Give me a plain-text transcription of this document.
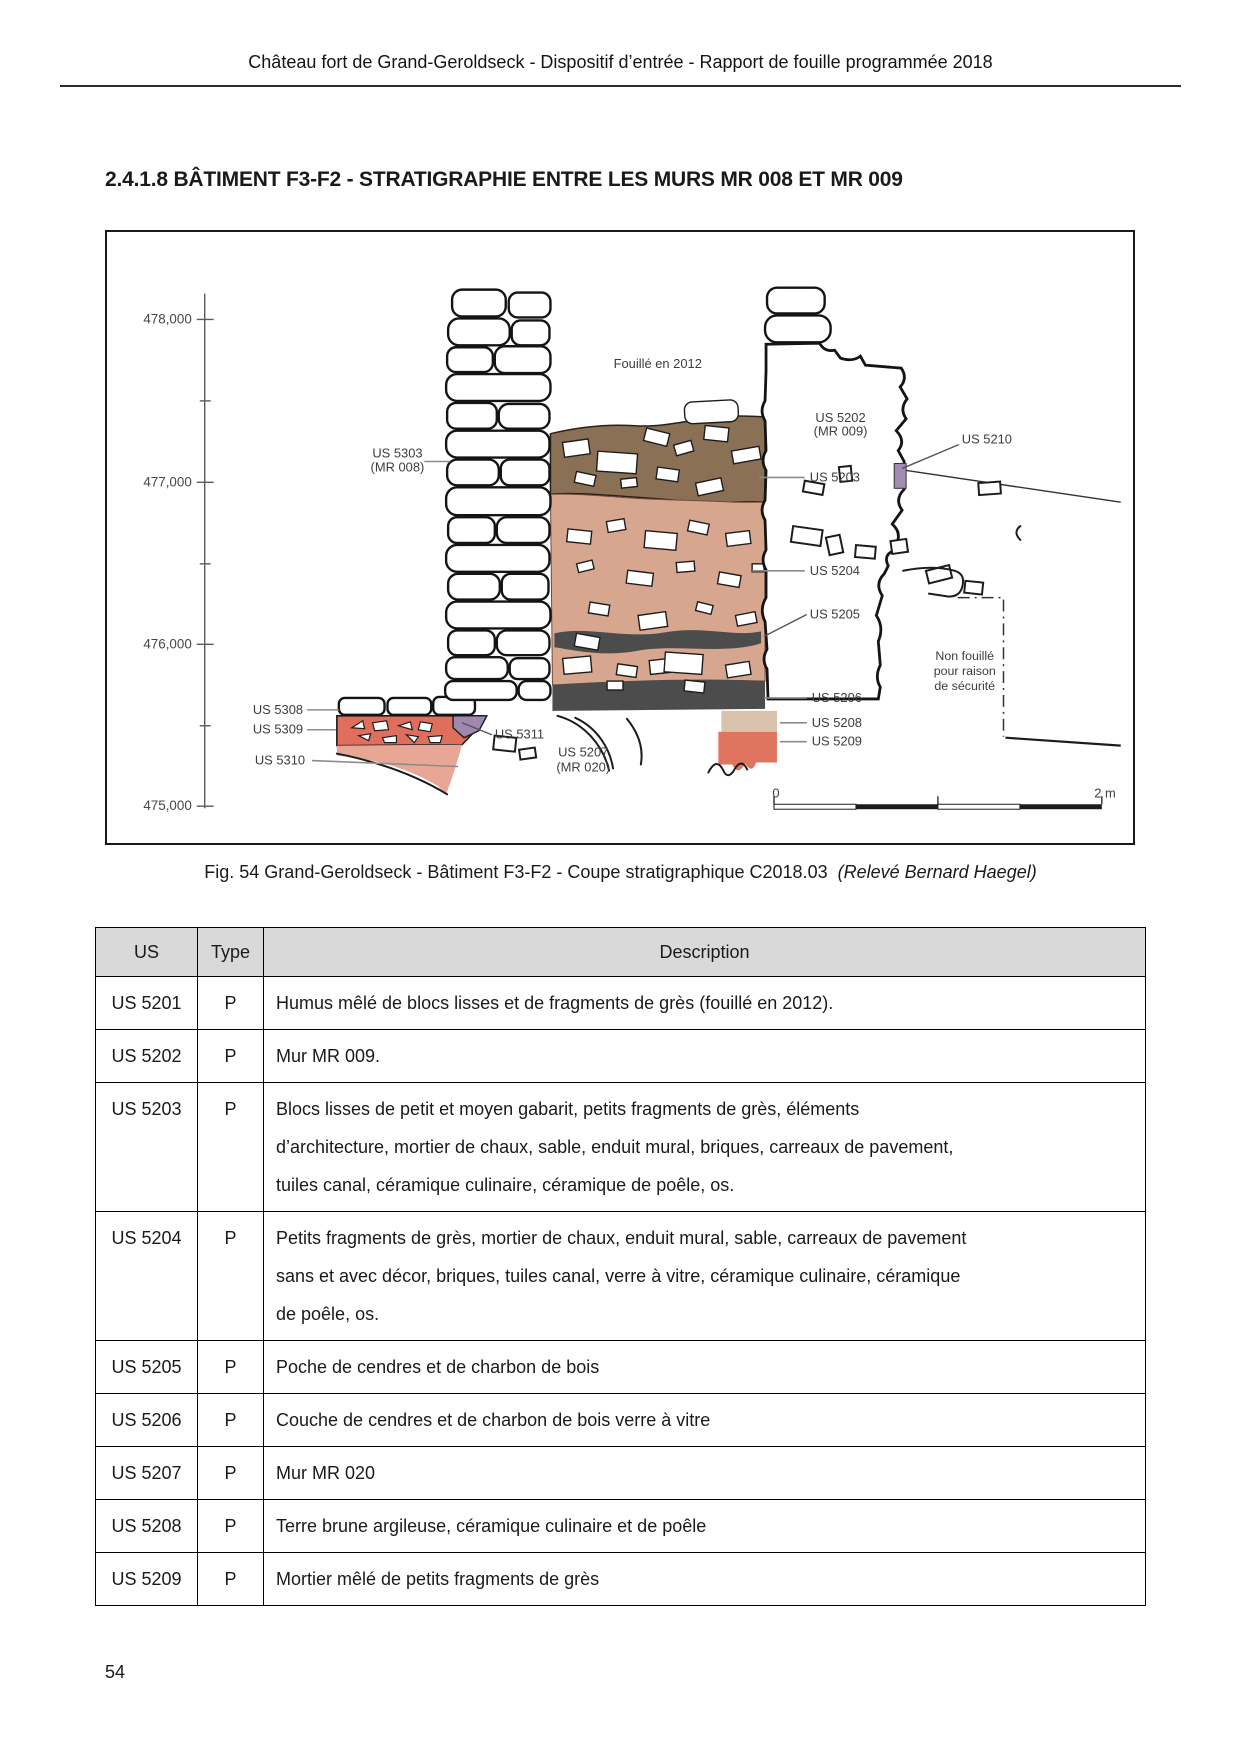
Château fort de Grand-Geroldseck - Dispositif d’entrée - Rapport de fouille programmée 2018
2.4.1.8 BÂTIMENT F3-F2 - STRATIGRAPHIE ENTRE LES MURS MR 008 ET MR 009
478,000
477,000
476,000
475,000
Fouillé en 2012
US 5303
(MR 008)
US 5202
(MR 009)
US 5210
US 5203
US 5204
US 5205
US 5206
US 5208
US 5209
Non fouillé
pour raison
de sécurité
US 5308
US 5309
US 5310
US 5311
US 5207
(MR 020)
0	2 m
Fig. 54 Grand-Geroldseck - Bâtiment F3-F2 - Coupe stratigraphique C2018.03 (Relevé Bernard Haegel)
US	Type	Description
US 5201	P	Humus mêlé de blocs lisses et de fragments de grès (fouillé en 2012).
US 5202	P	Mur MR 009.
US 5203	P	Blocs lisses de petit et moyen gabarit, petits fragments de grès, éléments d’architecture, mortier de chaux, sable, enduit mural, briques, carreaux de pavement, tuiles canal, céramique culinaire, céramique de poêle, os.
US 5204	P	Petits fragments de grès, mortier de chaux, enduit mural, sable, carreaux de pavement sans et avec décor, briques, tuiles canal, verre à vitre, céramique culinaire, céramique de poêle, os.
US 5205	P	Poche de cendres et de charbon de bois
US 5206	P	Couche de cendres et de charbon de bois verre à vitre
US 5207	P	Mur MR 020
US 5208	P	Terre brune argileuse, céramique culinaire et de poêle
US 5209	P	Mortier mêlé de petits fragments de grès
54
